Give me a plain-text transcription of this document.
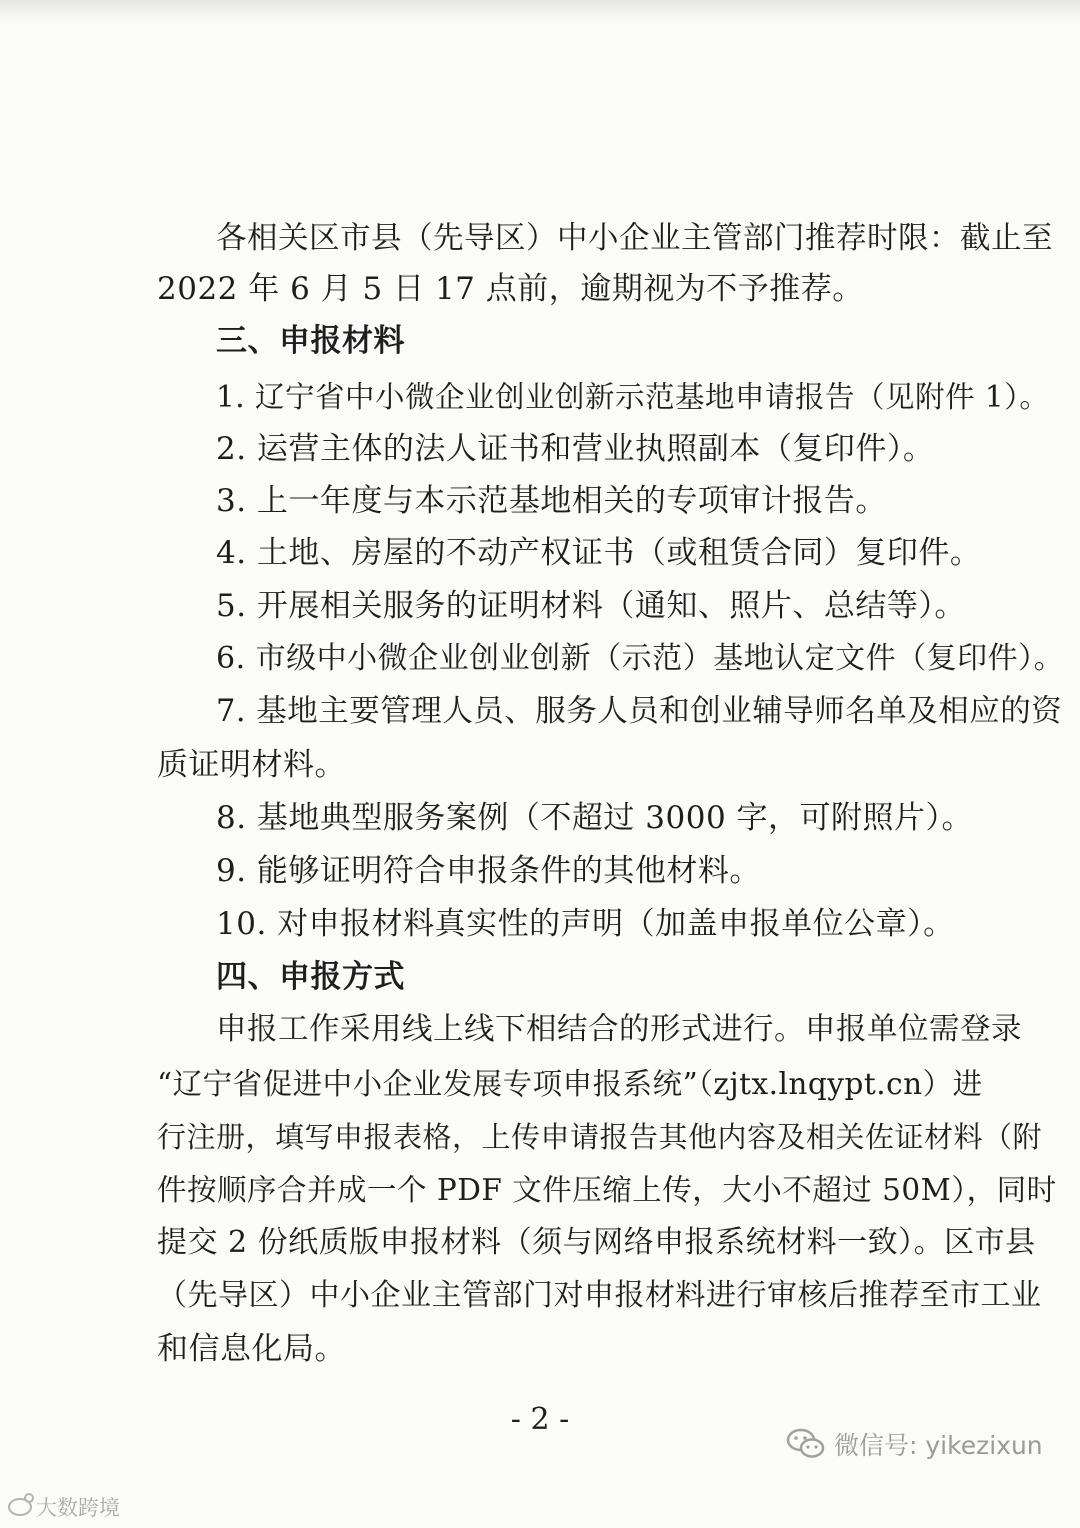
各相关区市县（先导区）中小企业主管部门推荐时限：截止至
2022 年 6 月 5 日 17 点前，逾期视为不予推荐。
三、申报材料
1. 辽宁省中小微企业创业创新示范基地申请报告（见附件 1）。
2. 运营主体的法人证书和营业执照副本（复印件）。
3. 上一年度与本示范基地相关的专项审计报告。
4. 土地、房屋的不动产权证书（或租赁合同）复印件。
5. 开展相关服务的证明材料（通知、照片、总结等）。
6. 市级中小微企业创业创新（示范）基地认定文件（复印件）。
7. 基地主要管理人员、服务人员和创业辅导师名单及相应的资
质证明材料。
8. 基地典型服务案例（不超过 3000 字，可附照片）。
9. 能够证明符合申报条件的其他材料。
10. 对申报材料真实性的声明（加盖申报单位公章）。
四、申报方式
申报工作采用线上线下相结合的形式进行。申报单位需登录
“辽宁省促进中小企业发展专项申报系统”（zjtx.lnqypt.cn）进
行注册，填写申报表格，上传申请报告其他内容及相关佐证材料（附
件按顺序合并成一个 PDF 文件压缩上传，大小不超过 50M），同时
提交 2 份纸质版申报材料（须与网络申报系统材料一致）。区市县
（先导区）中小企业主管部门对申报材料进行审核后推荐至市工业
和信息化局。
- 2 -
微信号: yikezixun
大数跨境
